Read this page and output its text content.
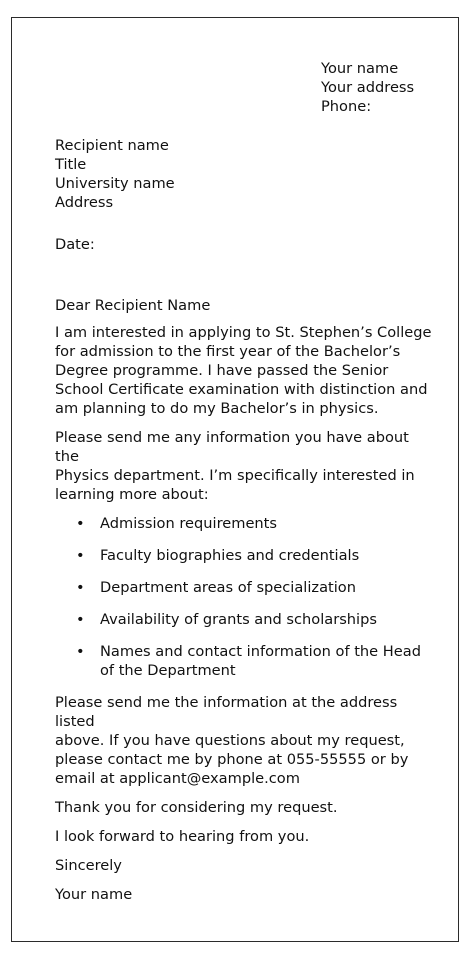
Your name
Your address
Phone:
Recipient name
Title
University name
Address
Date:
Dear Recipient Name

I am interested in applying to St. Stephen’s College
for admission to the first year of the Bachelor’s
Degree programme. I have passed the Senior
School Certificate examination with distinction and
am planning to do my Bachelor’s in physics.

Please send me any information you have about the
Physics department. I’m specifically interested in
learning more about:

• Admission requirements
• Faculty biographies and credentials
• Department areas of specialization
• Availability of grants and scholarships
• Names and contact information of the Head
of the Department

Please send me the information at the address listed
above. If you have questions about my request,
please contact me by phone at 055-55555 or by
email at applicant@example.com

Thank you for considering my request.

I look forward to hearing from you.

Sincerely

Your name
